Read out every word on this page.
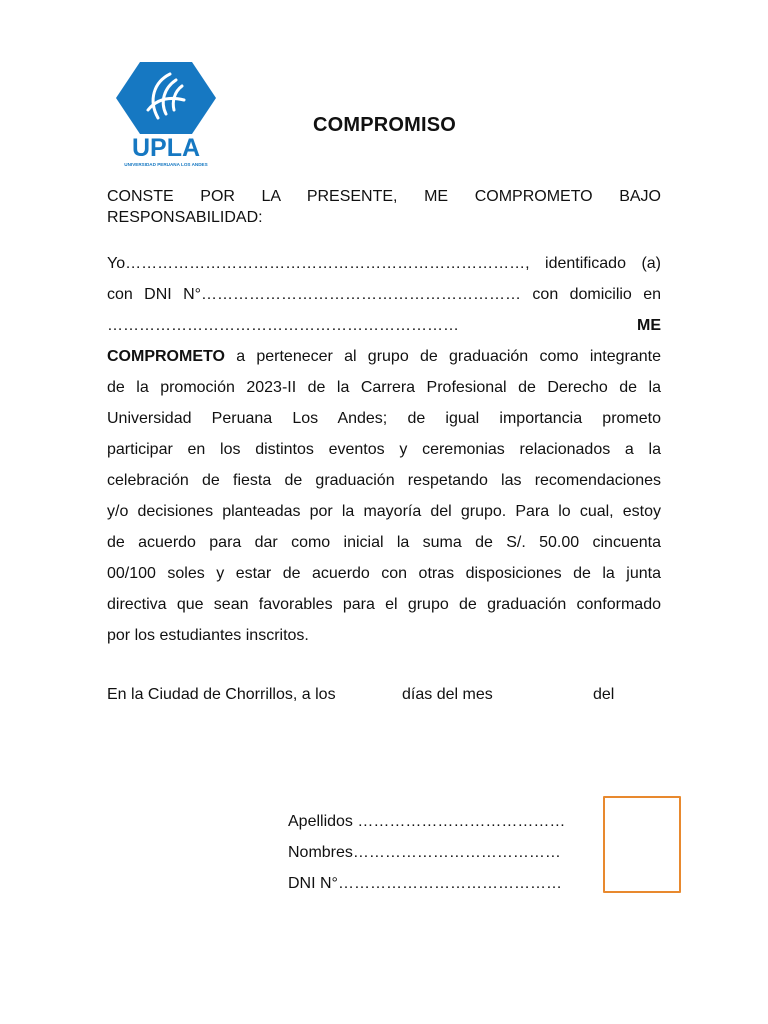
UPLA
UNIVERSIDAD PERUANA LOS ANDES
COMPROMISO
CONSTE POR LA PRESENTE, ME COMPROMETO BAJO
RESPONSABILIDAD:
Yo…………………………………………………………………, identificado (a)
con DNI N°…………………………………………………… con domicilio en
…………………………………………………………	ME
COMPROMETO a pertenecer al grupo de graduación como integrante
de la promoción 2023-II de la Carrera Profesional de Derecho de la
Universidad Peruana Los Andes; de igual importancia prometo
participar en los distintos eventos y ceremonias relacionados a la
celebración de fiesta de graduación respetando las recomendaciones
y/o decisiones planteadas por la mayoría del grupo. Para lo cual, estoy
de acuerdo para dar como inicial la suma de S/. 50.00 cincuenta
00/100 soles y estar de acuerdo con otras disposiciones de la junta
directiva que sean favorables para el grupo de graduación conformado
por los estudiantes inscritos.
En la Ciudad de Chorrillos, a los	días del mes	del
Apellidos …………………………………
Nombres…………………………………
DNI N°……………………………………
